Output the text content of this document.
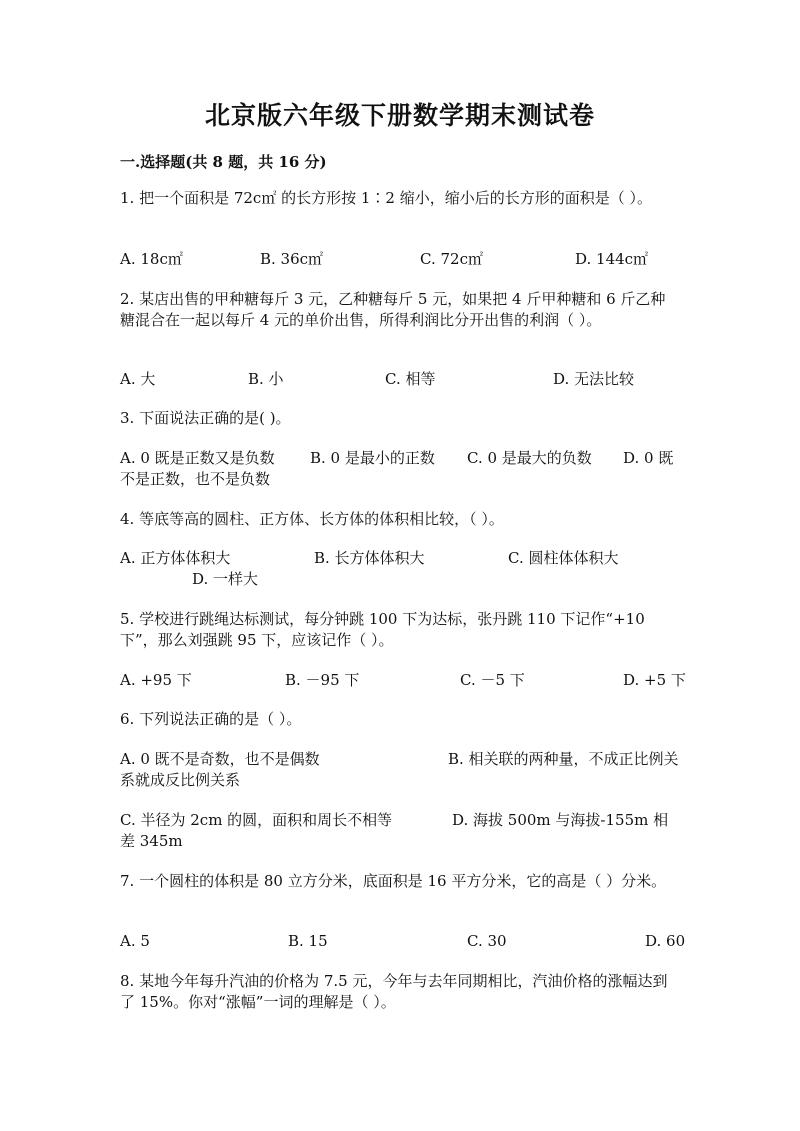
北京版六年级下册数学期末测试卷
一.选择题(共 8 题，共 16 分)
1. 把一个面积是 72c㎡ 的长方形按 1∶2 缩小，缩小后的长方形的面积是（ ）。
A. 18c㎡	B. 36c㎡	C. 72c㎡	D. 144c㎡
2. 某店出售的甲种糖每斤 3 元，乙种糖每斤 5 元，如果把 4 斤甲种糖和 6 斤乙种糖混合在一起以每斤 4 元的单价出售，所得利润比分开出售的利润（ ）。
A. 大	B. 小	C. 相等	D. 无法比较
3. 下面说法正确的是( )。
A. 0 既是正数又是负数 B. 0 是最小的正数 C. 0 是最大的负数	D. 0 既不是正数，也不是负数
4. 等底等高的圆柱、正方体、长方体的体积相比较，（ ）。
A. 正方体体积大	B. 长方体体积大	C. 圆柱体体积大
D. 一样大
5. 学校进行跳绳达标测试，每分钟跳 100 下为达标，张丹跳 110 下记作“+10 下”，那么刘强跳 95 下，应该记作（ ）。
A. +95 下	B. －95 下	C. －5 下	D. +5 下
6. 下列说法正确的是（ ）。
A. 0 既不是奇数，也不是偶数	B. 相关联的两种量，不成正比例关系就成反比例关系
C. 半径为 2cm 的圆，面积和周长不相等	D. 海拔 500m 与海拔-155m 相差 345m
7. 一个圆柱的体积是 80 立方分米，底面积是 16 平方分米，它的高是（ ）分米。
A. 5	B. 15	C. 30	D. 60
8. 某地今年每升汽油的价格为 7.5 元，今年与去年同期相比，汽油价格的涨幅达到了 15%。你对“涨幅”一词的理解是（ ）。
